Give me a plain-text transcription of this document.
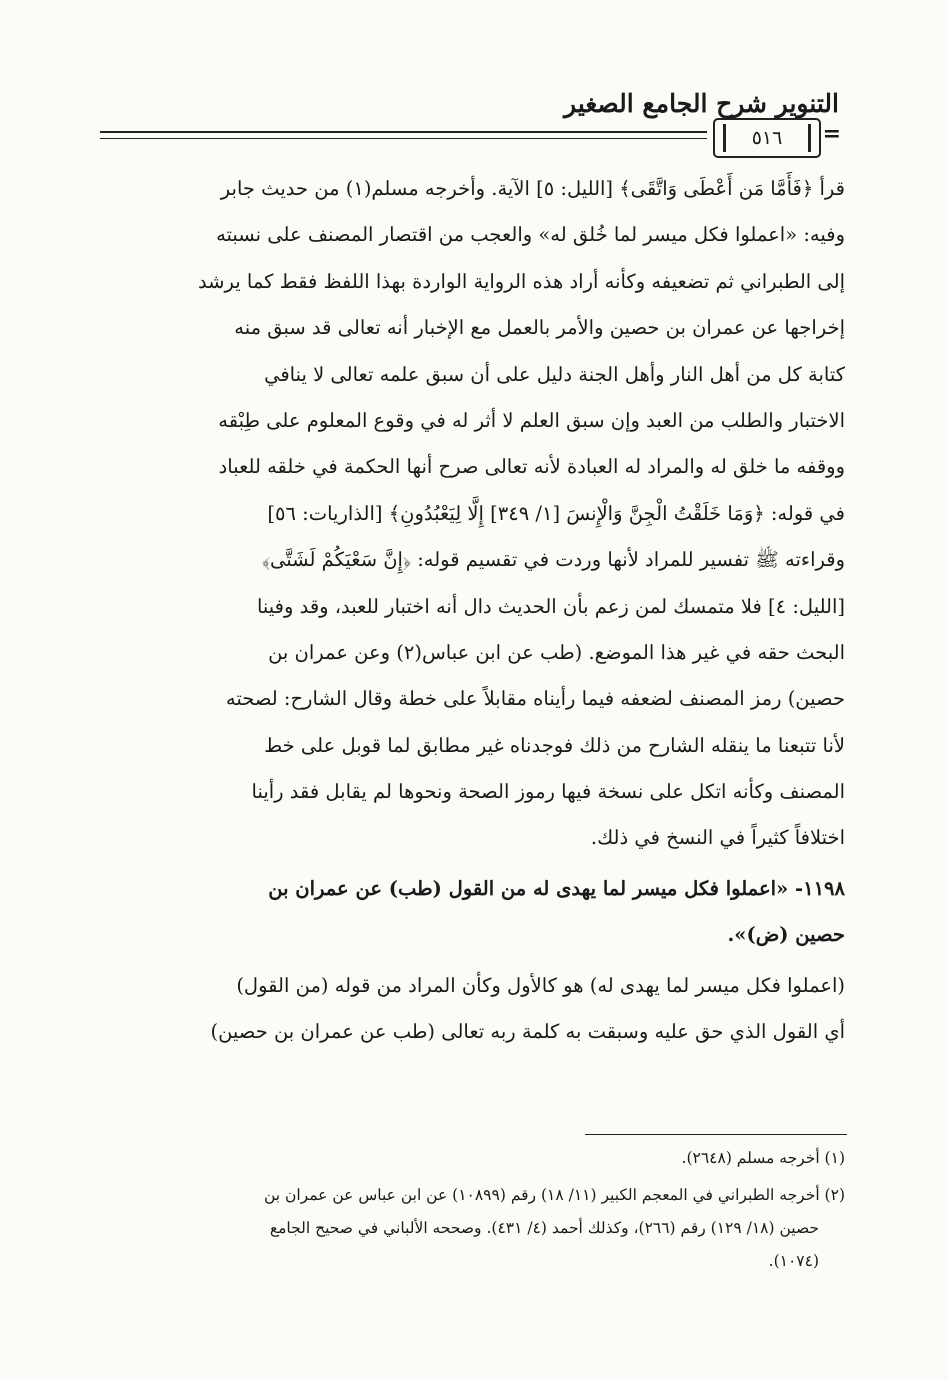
التنوير شرح الجامع الصغير
٥١٦	=
قرأ ﴿فَأَمَّا مَن أَعْطَى وَاتَّقَى﴾ [الليل: ٥] الآية. وأخرجه مسلم(١) من حديث جابر
وفيه: «اعملوا فكل ميسر لما خُلق له» والعجب من اقتصار المصنف على نسبته
إلى الطبراني ثم تضعيفه وكأنه أراد هذه الرواية الواردة بهذا اللفظ فقط كما يرشد
إخراجها عن عمران بن حصين والأمر بالعمل مع الإخبار أنه تعالى قد سبق منه
كتابة كل من أهل النار وأهل الجنة دليل على أن سبق علمه تعالى لا ينافي
الاختبار والطلب من العبد وإن سبق العلم لا أثر له في وقوع المعلوم على طِبْقه
ووقفه ما خلق له والمراد له العبادة لأنه تعالى صرح أنها الحكمة في خلقه للعباد
في قوله: ﴿وَمَا خَلَقْتُ الْجِنَّ وَالْإِنسَ [١/ ٣٤٩] إِلَّا لِيَعْبُدُونِ﴾ [الذاريات: ٥٦]
وقراءته ﷺ تفسير للمراد لأنها وردت في تقسيم قوله: ﴿إِنَّ سَعْيَكُمْ لَشَتَّى﴾
[الليل: ٤] فلا متمسك لمن زعم بأن الحديث دال أنه اختبار للعبد، وقد وفينا
البحث حقه في غير هذا الموضع. (طب عن ابن عباس(٢) وعن عمران بن
حصين) رمز المصنف لضعفه فيما رأيناه مقابلاً على خطة وقال الشارح: لصحته
لأنا تتبعنا ما ينقله الشارح من ذلك فوجدناه غير مطابق لما قوبل على خط
المصنف وكأنه اتكل على نسخة فيها رموز الصحة ونحوها لم يقابل فقد رأينا
اختلافاً كثيراً في النسخ في ذلك.
١١٩٨- «اعملوا فكل ميسر لما يهدى له من القول (طب) عن عمران بن
حصين (ض)».
(اعملوا فكل ميسر لما يهدى له) هو كالأول وكأن المراد من قوله (من القول)
أي القول الذي حق عليه وسبقت به كلمة ربه تعالى (طب عن عمران بن حصين)
(١) أخرجه مسلم (٢٦٤٨).
(٢) أخرجه الطبراني في المعجم الكبير (١١/ ١٨) رقم (١٠٨٩٩) عن ابن عباس عن عمران بن
حصين (١٨/ ١٢٩) رقم (٢٦٦)، وكذلك أحمد (٤/ ٤٣١). وصححه الألباني في صحيح الجامع
(١٠٧٤).
